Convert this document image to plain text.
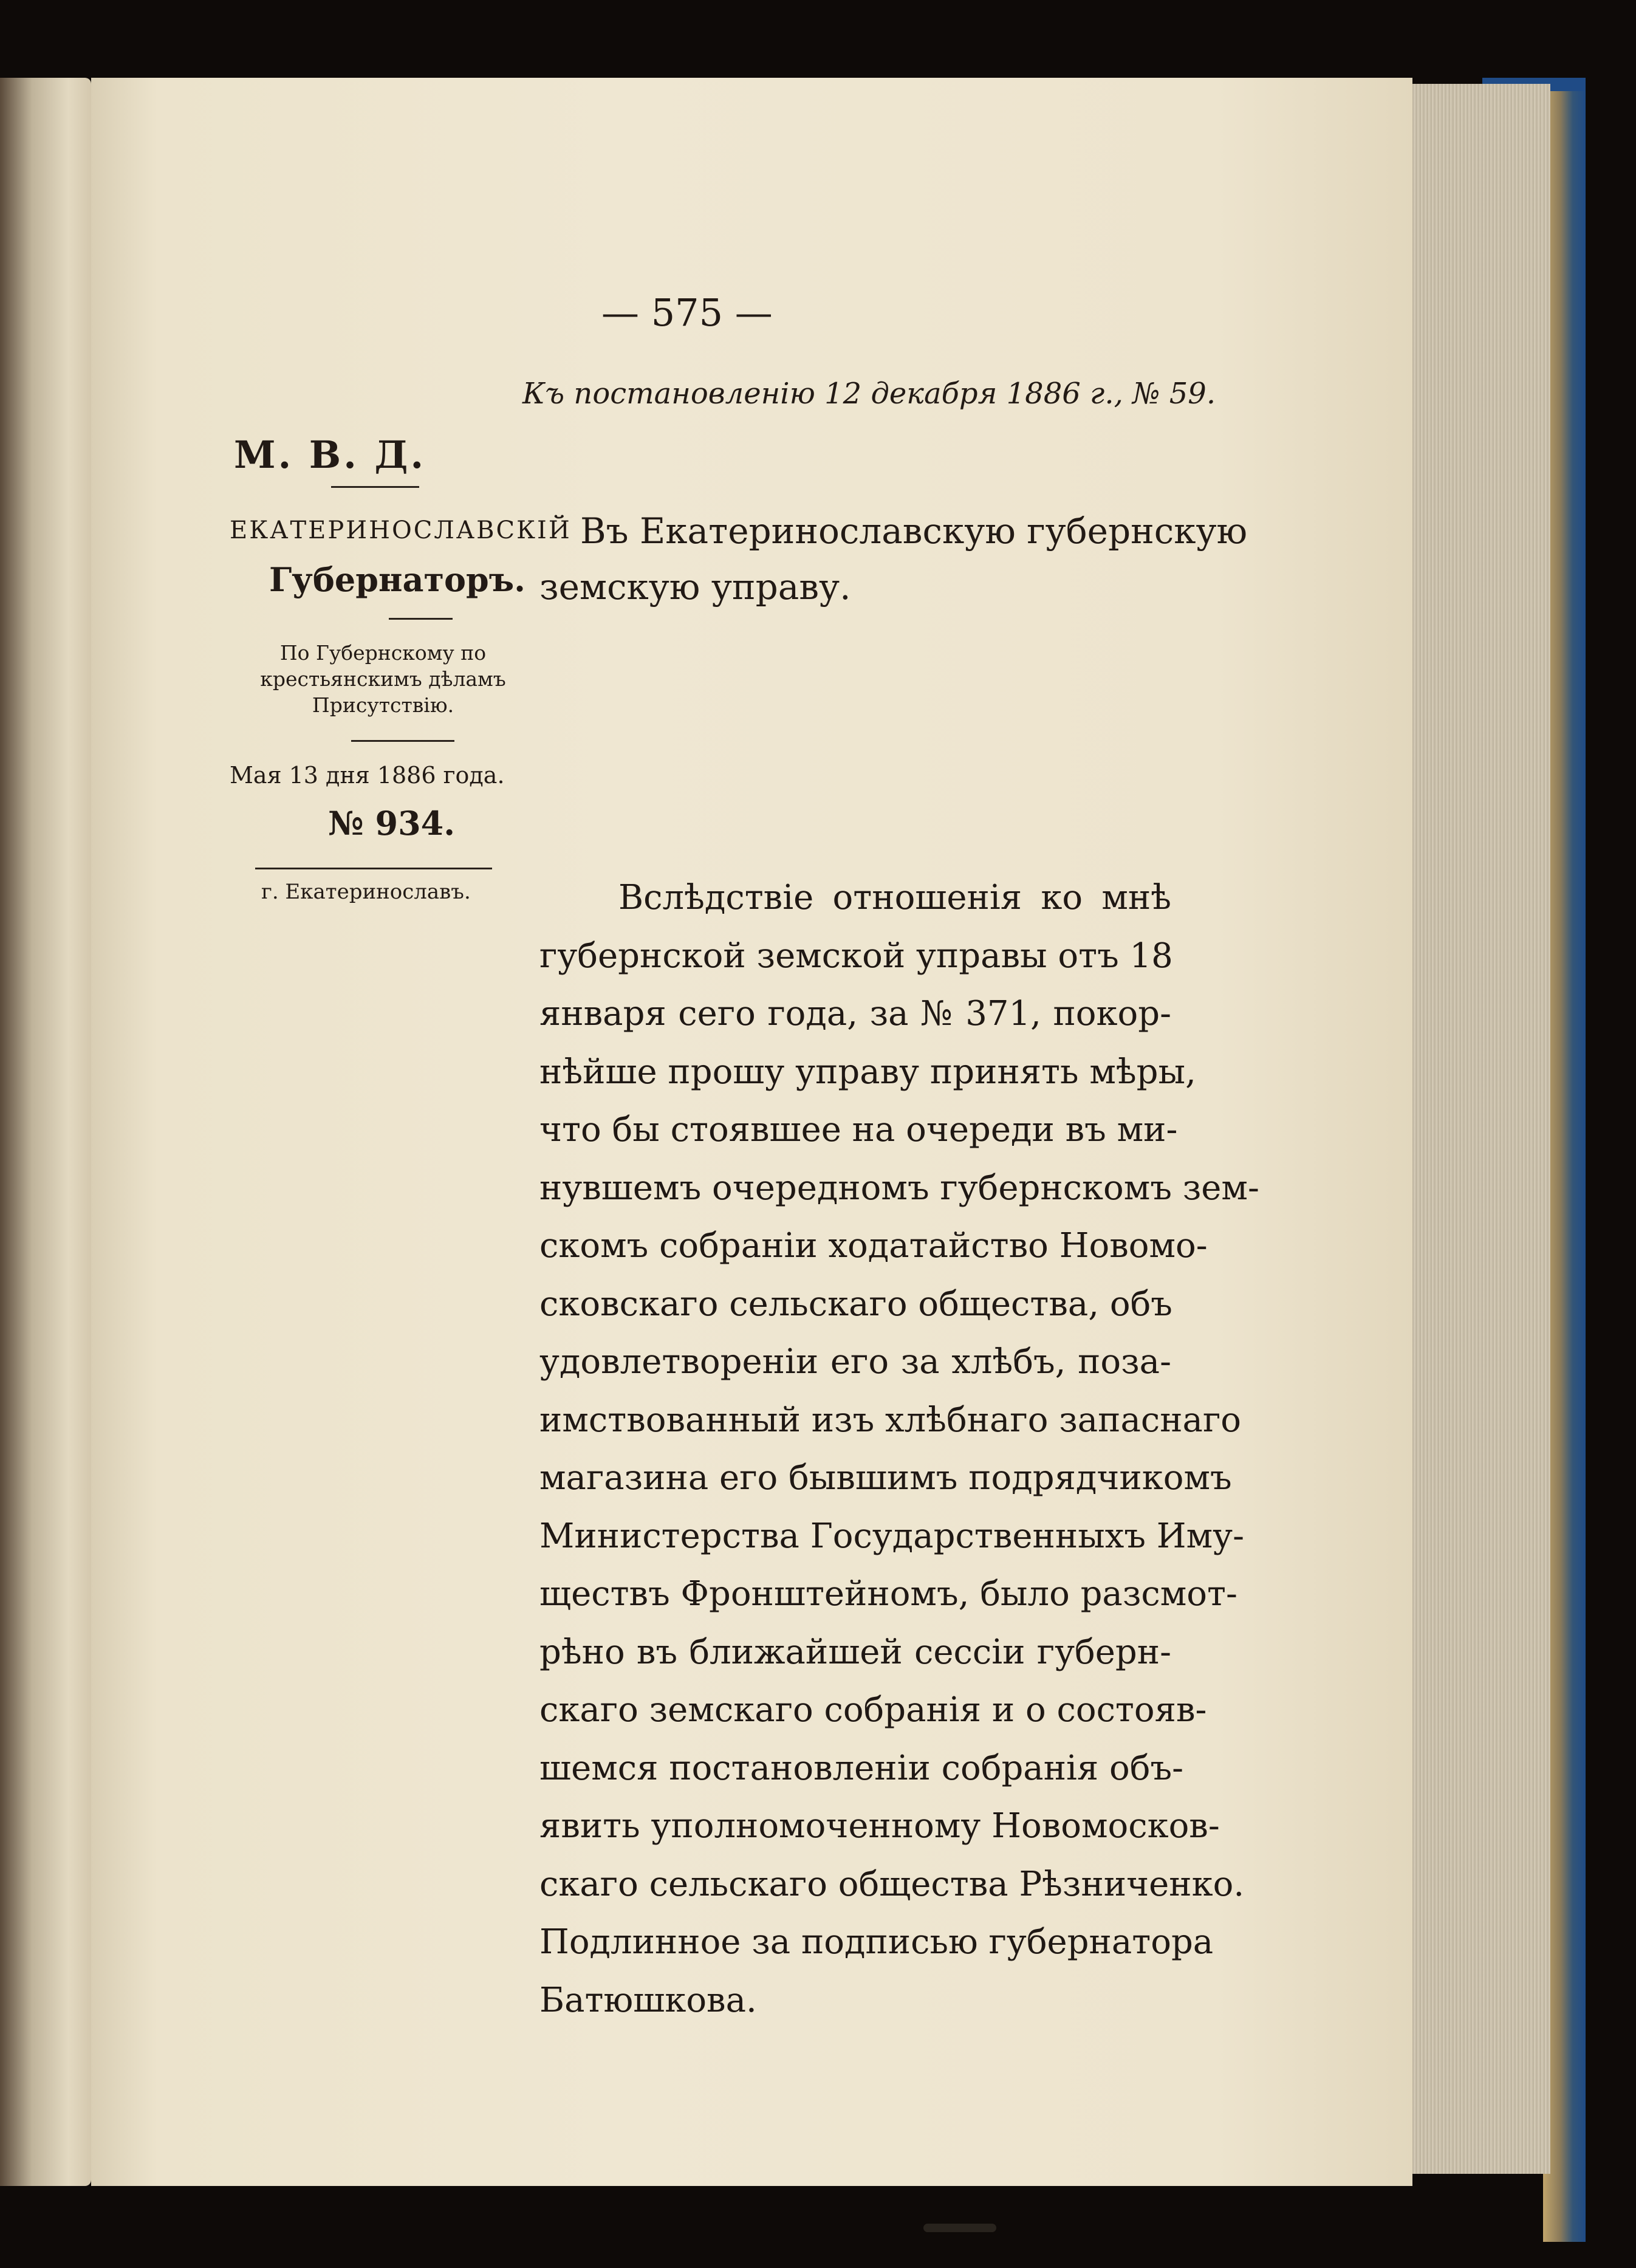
— 575 —
Къ постановленію 12 декабря 1886 г., № 59.
М. В. Д.
ЕКАТЕРИНОСЛАВСКІЙ
Губернаторъ.
По Губернскому по крестьянскимъ дѣламъ Присутствію.
Мая 13 дня 1886 года.
№ 934.
г. Екатеринославъ.
Въ Екатеринославскую губернскую
земскую управу.
Вслѣдствіе отношенія ко мнѣ
губернской земской управы отъ 18
января сего года, за № 371, покор-
нѣйше прошу управу принять мѣры,
что бы стоявшее на очереди въ ми-
нувшемъ очередномъ губернскомъ зем-
скомъ собраніи ходатайство Новомо-
сковскаго сельскаго общества, объ
удовлетвореніи его за хлѣбъ, поза-
имствованный изъ хлѣбнаго запаснаго
магазина его бывшимъ подрядчикомъ
Министерства Государственныхъ Иму-
ществъ Фронштейномъ, было разсмот-
рѣно въ ближайшей сессіи губерн-
скаго земскаго собранія и о состояв-
шемся постановленіи собранія объ-
явить уполномоченному Новомосков-
скаго сельскаго общества Рѣзниченко.
Подлинное за подписью губернатора
Батюшкова.
